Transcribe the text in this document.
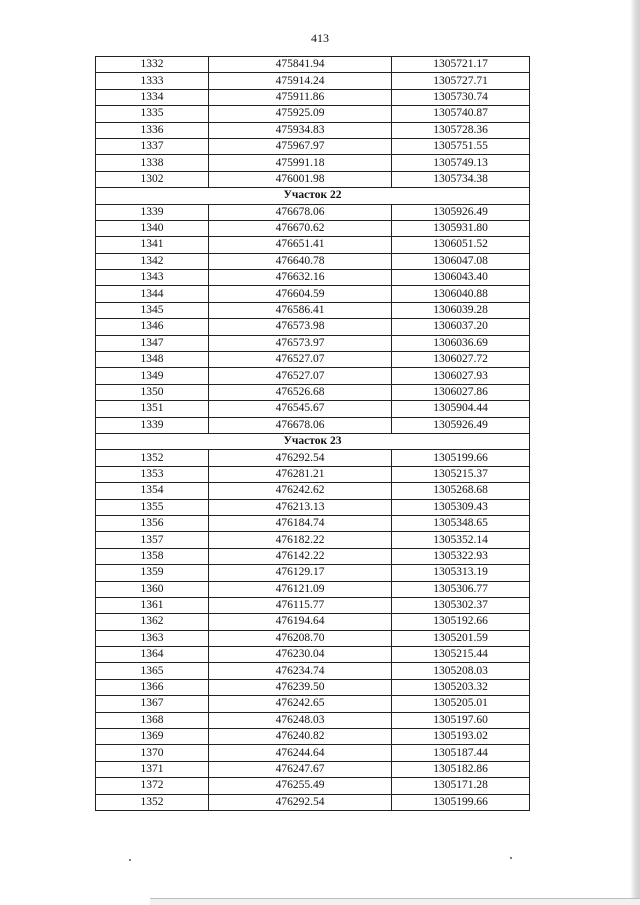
413
1332	475841.94	1305721.17
1333	475914.24	1305727.71
1334	475911.86	1305730.74
1335	475925.09	1305740.87
1336	475934.83	1305728.36
1337	475967.97	1305751.55
1338	475991.18	1305749.13
1302	476001.98	1305734.38
Участок 22		
1339	476678.06	1305926.49
1340	476670.62	1305931.80
1341	476651.41	1306051.52
1342	476640.78	1306047.08
1343	476632.16	1306043.40
1344	476604.59	1306040.88
1345	476586.41	1306039.28
1346	476573.98	1306037.20
1347	476573.97	1306036.69
1348	476527.07	1306027.72
1349	476527.07	1306027.93
1350	476526.68	1306027.86
1351	476545.67	1305904.44
1339	476678.06	1305926.49
Участок 23		
1352	476292.54	1305199.66
1353	476281.21	1305215.37
1354	476242.62	1305268.68
1355	476213.13	1305309.43
1356	476184.74	1305348.65
1357	476182.22	1305352.14
1358	476142.22	1305322.93
1359	476129.17	1305313.19
1360	476121.09	1305306.77
1361	476115.77	1305302.37
1362	476194.64	1305192.66
1363	476208.70	1305201.59
1364	476230.04	1305215.44
1365	476234.74	1305208.03
1366	476239.50	1305203.32
1367	476242.65	1305205.01
1368	476248.03	1305197.60
1369	476240.82	1305193.02
1370	476244.64	1305187.44
1371	476247.67	1305182.86
1372	476255.49	1305171.28
1352	476292.54	1305199.66
